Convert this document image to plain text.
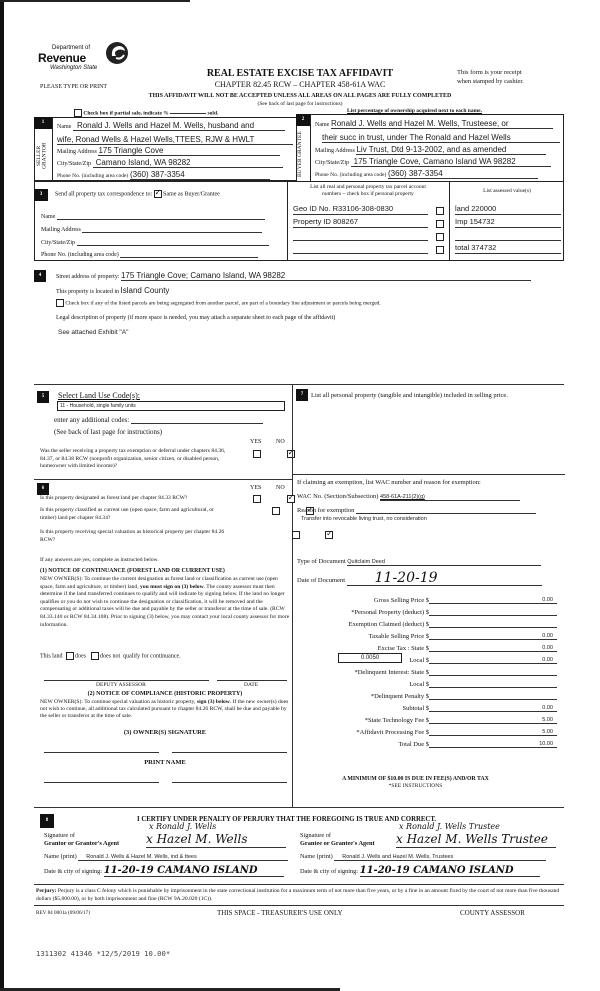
Department of
Revenue
Washington State	REAL ESTATE EXCISE TAX AFFIDAVIT
CHAPTER 82.45 RCW – CHAPTER 458-61A WAC
PLEASE TYPE OR PRINT
This form is your receipt
when stamped by cashier.
THIS AFFIDAVIT WILL NOT BE ACCEPTED UNLESS ALL AREAS ON ALL PAGES ARE FULLY COMPLETED
(See back of last page for instructions)
Check box if partial sale, indicate %	sold.	List percentage of ownership acquired next to each name.
1
SELLER GRANTOR
Name Ronald J. Wells and Hazel M. Wells, husband and
wife, Ronad Wells & Hazel Wells,TTEES, RJW & HWLT
Mailing Address 175 Triangle Cove
City/State/Zip Camano Island, WA 98282
Phone No. (including area code) (360) 387-3354
2
BUYER GRANTEE
Name Ronald J. Wells and Hazel M. Wells, Trusteese, or
their succ in trust, under The Ronald and Hazel Wells
Mailing Address Liv Trust, Dtd 9-13-2002, and as amended
City/State/Zip 175 Triangle Cove, Camano Island WA 98282
Phone No. (including area code) (360) 387-3354
3	Send all property tax correspondence to: ✓ Same as Buyer/Grantee
Name
Mailing Address
City/State/Zip
Phone No. (including area code)
List all real and personal property tax parcel account
numbers – check box if personal property
Geo ID No. R33106-308-0830
Property ID 808267
List assessed value(s)
land 220000
Imp 154732
total 374732
4	Street address of property: 175 Triangle Cove; Camano Island, WA 98282
This property is located in Island County
Check box if any of the listed parcels are being segregated from another parcel, are part of a boundary line adjustment or parcels being merged.
Legal description of property (if more space is needed, you may attach a separate sheet to each page of the affidavit)
See attached Exhibit "A"
5	Select Land Use Code(s):
11 - Household, single family units
enter any additional codes:
(See back of last page for instructions)
YES NO
Was the seller receiving a property tax exemption or deferral under chapters 84.36, 84.37, or 84.38 RCW (nonprofit organization, senior citizen, or disabled person, homeowner with limited income)?
✓
6	YES NO
Is this property designated as forest land per chapter 84.33 RCW?
✓
Is this property classified as current use (open space, farm and agricultural, or timber) land per chapter 84.34?
✓
Is this property receiving special valuation as historical property per chapter 84.26 RCW?
✓
If any answers are yes, complete as instructed below.
(1) NOTICE OF CONTINUANCE (FOREST LAND OR CURRENT USE)
NEW OWNER(S): To continue the current designation as forest land or classification as current use (open space, farm and agriculture, or timber) land, you must sign on (3) below. The county assessor must then determine if the land transferred continues to qualify and will indicate by signing below. If the land no longer qualifies or you do not wish to continue the designation or classification, it will be removed and the compensating or additional taxes will be due and payable by the seller or transferor at the time of sale. (RCW 84.33.140 or RCW 84.34.108). Prior to signing (3) below, you may contact your local county assessor for more information.
This land does does not qualify for continuance.
DEPUTY ASSESSOR	DATE
(2) NOTICE OF COMPLIANCE (HISTORIC PROPERTY)
NEW OWNER(S): To continue special valuation as historic property, sign (3) below. If the new owner(s) does not wish to continue, all additional tax calculated pursuant to chapter 84.26 RCW, shall be due and payable by the seller or transferor at the time of sale.
(3) OWNER(S) SIGNATURE
PRINT NAME
7	List all personal property (tangible and intangible) included in selling price.
If claiming an exemption, list WAC number and reason for exemption:
WAC No. (Section/Subsection) 458-61A-211(2)(g)
Reason for exemption
Transfer into revocable living trust, no consideration
Type of Document Quitclaim Deed
Date of Document 11-20-19
Gross Selling Price $	0.00
*Personal Property (deduct) $
Exemption Claimed (deduct) $
Taxable Selling Price $	0.00
Excise Tax : State $	0.00
0.0050	Local $	0.00
*Delinquent Interest: State $
Local $
*Delinquent Penalty $
Subtotal $	0.00
*State Technology Fee $	5.00
*Affidavit Processing Fee $	5.00
Total Due $	10.00
A MINIMUM OF $10.00 IS DUE IN FEE(S) AND/OR TAX
*SEE INSTRUCTIONS
8	I CERTIFY UNDER PENALTY OF PERJURY THAT THE FOREGOING IS TRUE AND CORRECT.
x Ronald J. Wells
Signature of
Grantor or Grantor's Agent x Hazel M. Wells
Name (print) Ronald J. Wells & Hazel M. Wells, ind & ttees
Date & city of signing: 11-20-19 CAMANO ISLAND
x Ronald J. Wells Trustee
Signature of
Grantee or Grantee's Agent x Hazel M. Wells Trustee
Name (print) Ronald J. Wells and Hazel M. Wells, Trustees
Date & city of signing: 11-20-19 CAMANO ISLAND
Perjury: Perjury is a class C felony which is punishable by imprisonment in the state correctional institution for a maximum term of not more than five years, or by a fine in an amount fixed by the court of not more than five thousand dollars ($5,000.00), or by both imprisonment and fine (RCW 9A.20.020 (1C)).
REV 84 0001a (09/06/17)	THIS SPACE - TREASURER'S USE ONLY	COUNTY ASSESSOR
1311302 41346 *12/5/2019 10.00*
